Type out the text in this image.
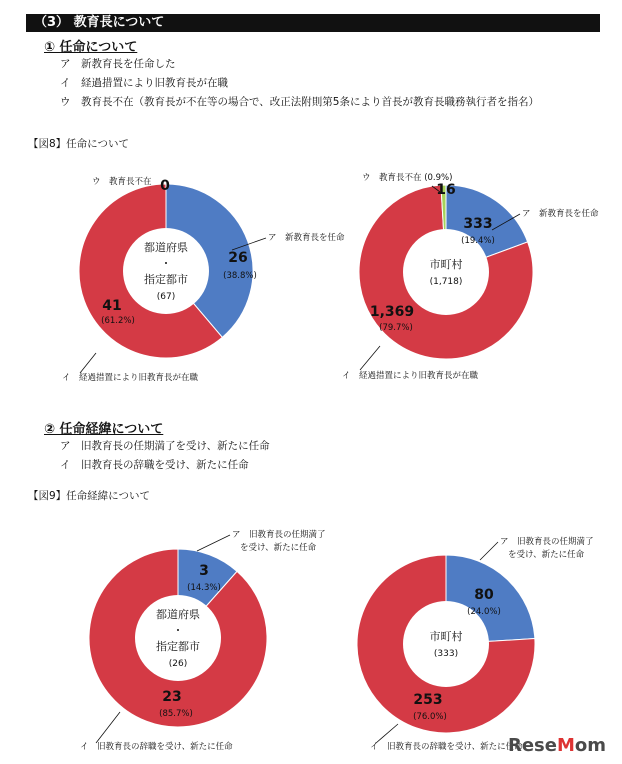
（3） 教育長について
① 任命について
ア　新教育長を任命した
イ　経過措置により旧教育長が在職
ウ　教育長不在（教育長が不在等の場合で、改正法附則第5条により首長が教育長職務執行者を指名）
【図8】任命について
② 任命経緯について
ア　旧教育長の任期満了を受け、新たに任命
イ　旧教育長の辞職を受け、新たに任命
【図9】任命経緯について
都道府県
・
指定都市
(67)
26
(38.8%)
ア　新教育長を任命
41
(61.2%)
イ　経過措置により旧教育長が在職
0
ウ　教育長不在
市町村
(1,718)
333
(19.4%)
ア　新教育長を任命
1,369
(79.7%)
イ　経過措置により旧教育長が在職
16
ウ　教育長不在 (0.9%)
都道府県
・
指定都市
(26)
3
(14.3%)
ア　旧教育長の任期満了
を受け、新たに任命
23
(85.7%)
イ　旧教育長の辞職を受け、新たに任命
市町村
(333)
80
(24.0%)
ア　旧教育長の任期満了
を受け、新たに任命
253
(76.0%)
イ　旧教育長の辞職を受け、新たに任命
ReseMom
